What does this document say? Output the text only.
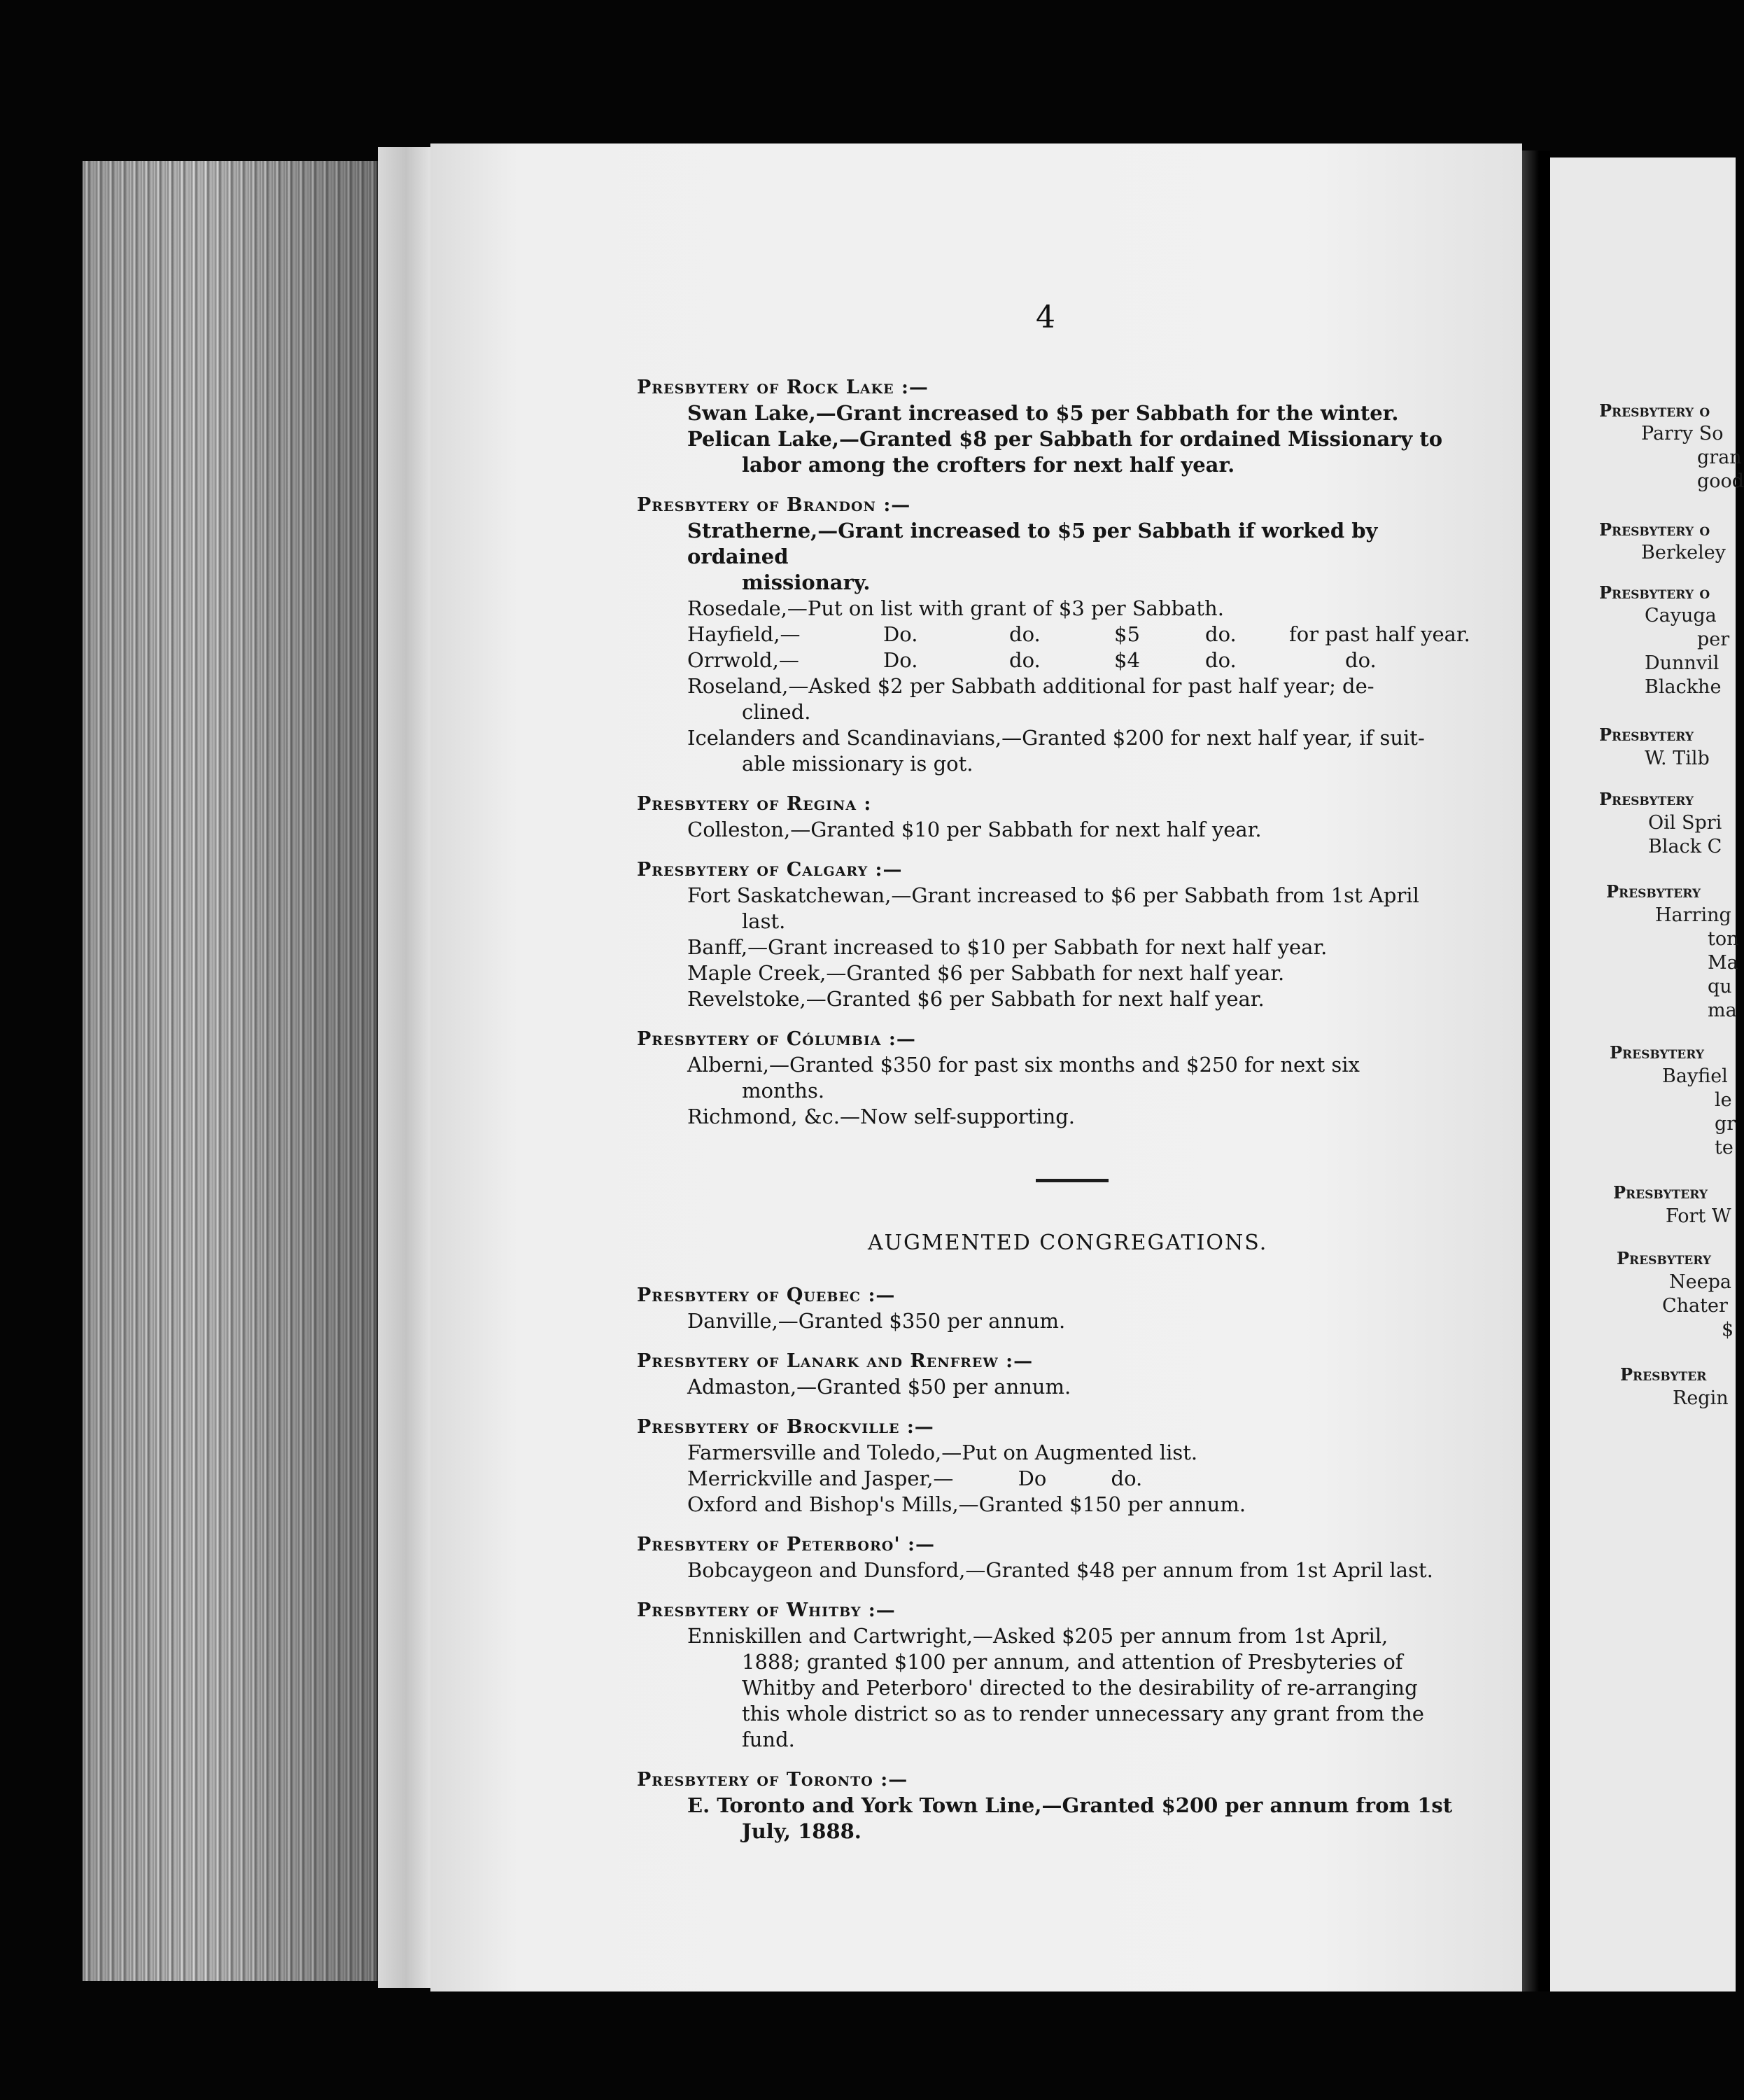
4
Presbytery of Rock Lake :—
Swan Lake,—Grant increased to $5 per Sabbath for the winter.
Pelican Lake,—Granted $8 per Sabbath for ordained Missionary to
labor among the crofters for next half year.
Presbytery of Brandon :—
Stratherne,—Grant increased to $5 per Sabbath if worked by ordained
missionary.
Rosedale,—Put on list with grant of $3 per Sabbath.
Hayfield,—	Do.	do.	$5	do.	for past half year.
Orrwold,—	Do.	do.	$4	do.	do.
Roseland,—Asked $2 per Sabbath additional for past half year; de-
clined.
Icelanders and Scandinavians,—Granted $200 for next half year, if suit-
able missionary is got.
Presbytery of Regina :
Colleston,—Granted $10 per Sabbath for next half year.
Presbytery of Calgary :—
Fort Saskatchewan,—Grant increased to $6 per Sabbath from 1st April
last.
Banff,—Grant increased to $10 per Sabbath for next half year.
Maple Creek,—Granted $6 per Sabbath for next half year.
Revelstoke,—Granted $6 per Sabbath for next half year.
Presbytery of Cólumbia :—
Alberni,—Granted $350 for past six months and $250 for next six
months.
Richmond, &c.—Now self-supporting.
AUGMENTED CONGREGATIONS.
Presbytery of Quebec :—
Danville,—Granted $350 per annum.
Presbytery of Lanark and Renfrew :—
Admaston,—Granted $50 per annum.
Presbytery of Brockville :—
Farmersville and Toledo,—Put on Augmented list.
Merrickville and Jasper,—          Do          do.
Oxford and Bishop's Mills,—Granted $150 per annum.
Presbytery of Peterboro' :—
Bobcaygeon and Dunsford,—Granted $48 per annum from 1st April last.
Presbytery of Whitby :—
Enniskillen and Cartwright,—Asked $205 per annum from 1st April,
1888; granted $100 per annum, and attention of Presbyteries of
Whitby and Peterboro' directed to the desirability of re-arranging
this whole district so as to render unnecessary any grant from the
fund.
Presbytery of Toronto :—
E. Toronto and York Town Line,—Granted $200 per annum from 1st
July, 1888.
Presbytery o
Parry So
gran
good
Presbytery o
Berkeley
Presbytery o
Cayuga
per
Dunnvil
Blackhe
Presbytery
W. Tilb
Presbytery
Oil Spri
Black C
Presbytery
Harring
ton
Ma
qu
ma
Presbytery
Bayfiel
le
gr
te
Presbytery
Fort W
Presbytery
Neepa
Chater
$
Presbyter
Regin
